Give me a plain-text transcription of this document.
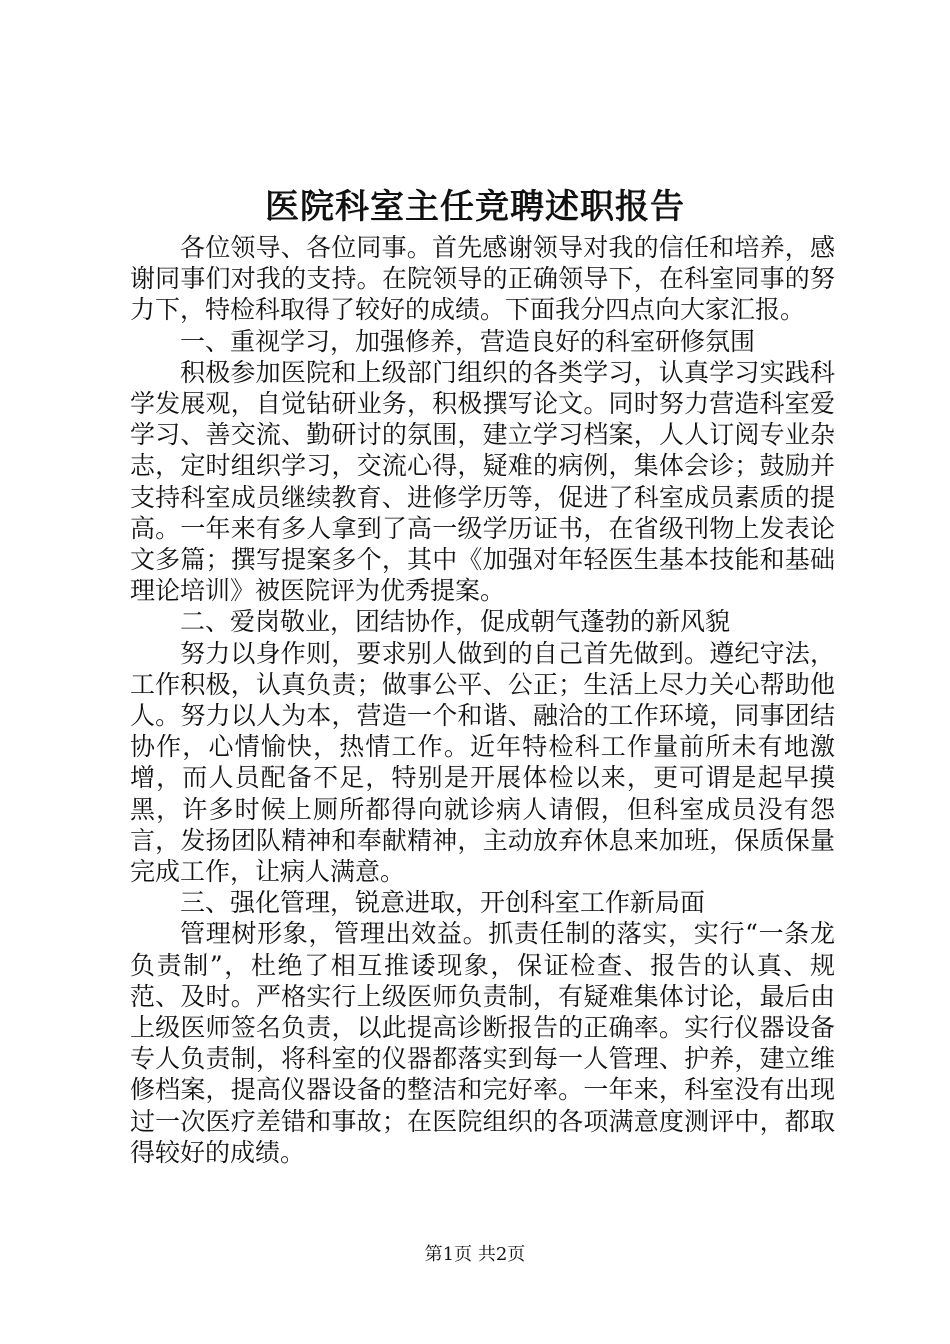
医院科室主任竞聘述职报告

各位领导、各位同事。首先感谢领导对我的信任和培养，感谢同事们对我的支持。在院领导的正确领导下，在科室同事的努力下，特检科取得了较好的成绩。下面我分四点向大家汇报。

一、重视学习，加强修养，营造良好的科室研修氛围

积极参加医院和上级部门组织的各类学习，认真学习实践科学发展观，自觉钻研业务，积极撰写论文。同时努力营造科室爱学习、善交流、勤研讨的氛围，建立学习档案，人人订阅专业杂志，定时组织学习，交流心得，疑难的病例，集体会诊；鼓励并支持科室成员继续教育、进修学历等，促进了科室成员素质的提高。一年来有多人拿到了高一级学历证书，在省级刊物上发表论文多篇；撰写提案多个，其中《加强对年轻医生基本技能和基础理论培训》被医院评为优秀提案。

二、爱岗敬业，团结协作，促成朝气蓬勃的新风貌

努力以身作则，要求别人做到的自己首先做到。遵纪守法，工作积极，认真负责；做事公平、公正；生活上尽力关心帮助他人。努力以人为本，营造一个和谐、融洽的工作环境，同事团结协作，心情愉快，热情工作。近年特检科工作量前所未有地激增，而人员配备不足，特别是开展体检以来，更可谓是起早摸黑，许多时候上厕所都得向就诊病人请假，但科室成员没有怨言，发扬团队精神和奉献精神，主动放弃休息来加班，保质保量完成工作，让病人满意。

三、强化管理，锐意进取，开创科室工作新局面

管理树形象，管理出效益。抓责任制的落实，实行“一条龙负责制”，杜绝了相互推诿现象，保证检查、报告的认真、规范、及时。严格实行上级医师负责制，有疑难集体讨论，最后由上级医师签名负责，以此提高诊断报告的正确率。实行仪器设备专人负责制，将科室的仪器都落实到每一人管理、护养，建立维修档案，提高仪器设备的整洁和完好率。一年来，科室没有出现过一次医疗差错和事故；在医院组织的各项满意度测评中，都取得较好的成绩。

第1页 共2页
